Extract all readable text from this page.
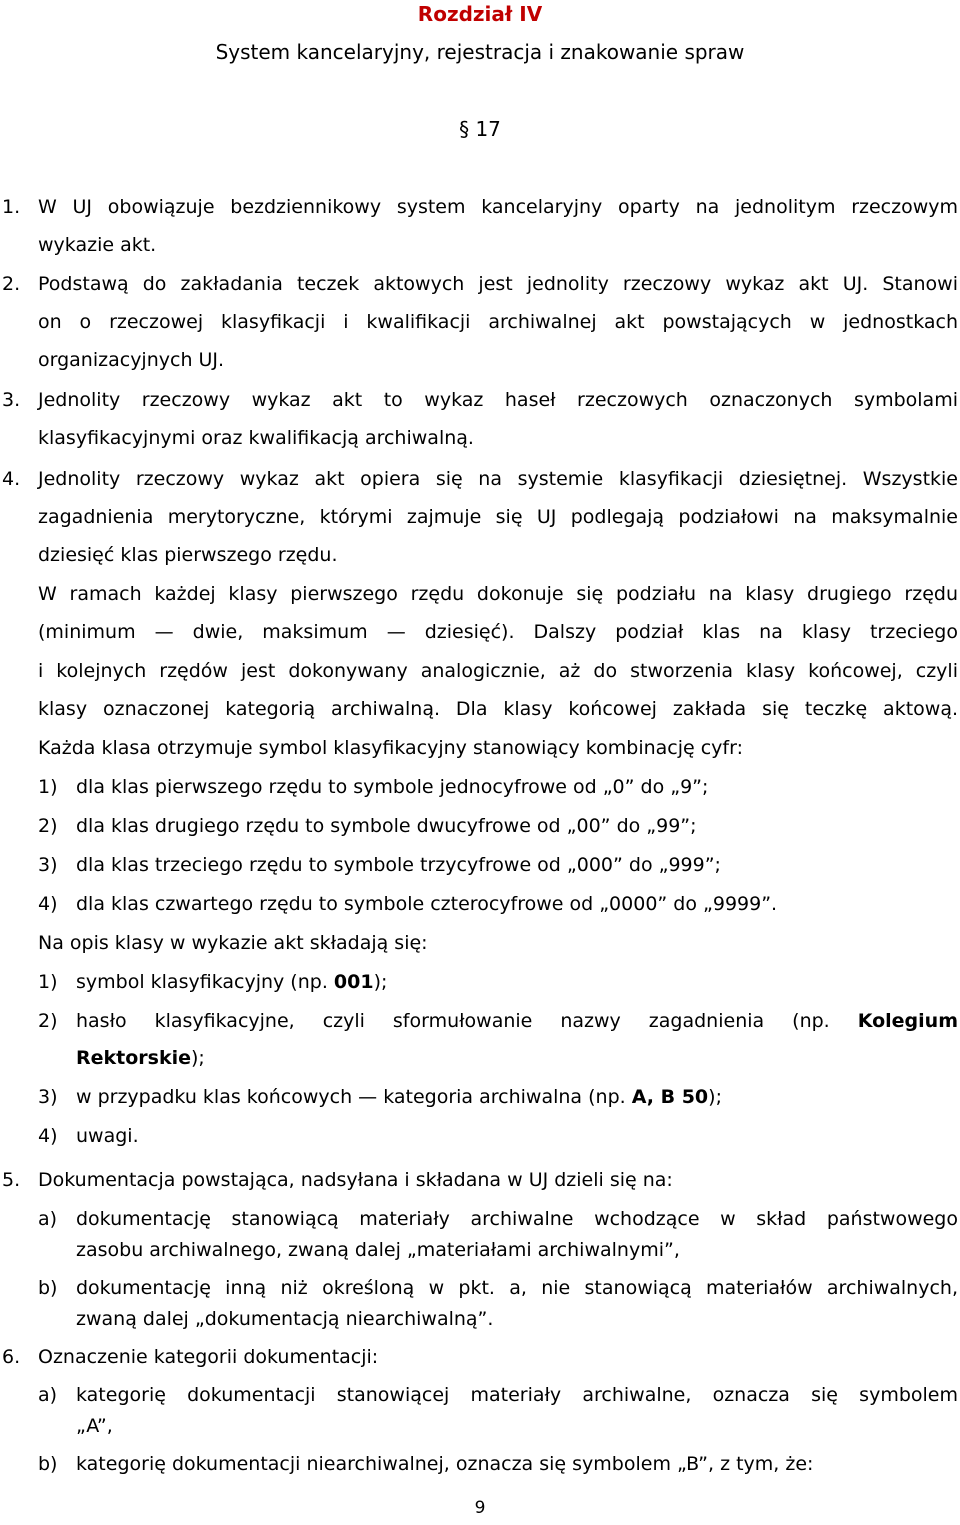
Rozdział IV
System kancelaryjny, rejestracja i znakowanie spraw
§ 17
1. W UJ obowiązuje bezdziennikowy system kancelaryjny oparty na jednolitym rzeczowym
wykazie akt.
2. Podstawą do zakładania teczek aktowych jest jednolity rzeczowy wykaz akt UJ. Stanowi
on o rzeczowej klasyfikacji i kwalifikacji archiwalnej akt powstających w jednostkach
organizacyjnych UJ.
3. Jednolity rzeczowy wykaz akt to wykaz haseł rzeczowych oznaczonych symbolami
klasyfikacyjnymi oraz kwalifikacją archiwalną.
4. Jednolity rzeczowy wykaz akt opiera się na systemie klasyfikacji dziesiętnej. Wszystkie
zagadnienia merytoryczne, którymi zajmuje się UJ podlegają podziałowi na maksymalnie
dziesięć klas pierwszego rzędu.
W ramach każdej klasy pierwszego rzędu dokonuje się podziału na klasy drugiego rzędu
(minimum — dwie, maksimum — dziesięć). Dalszy podział klas na klasy trzeciego
i kolejnych rzędów jest dokonywany analogicznie, aż do stworzenia klasy końcowej, czyli
klasy oznaczonej kategorią archiwalną. Dla klasy końcowej zakłada się teczkę aktową.
Każda klasa otrzymuje symbol klasyfikacyjny stanowiący kombinację cyfr:
1) dla klas pierwszego rzędu to symbole jednocyfrowe od „0” do „9”;
2) dla klas drugiego rzędu to symbole dwucyfrowe od „00” do „99”;
3) dla klas trzeciego rzędu to symbole trzycyfrowe od „000” do „999”;
4) dla klas czwartego rzędu to symbole czterocyfrowe od „0000” do „9999”.
Na opis klasy w wykazie akt składają się:
1) symbol klasyfikacyjny (np. 001);
2) hasło klasyfikacyjne, czyli sformułowanie nazwy zagadnienia (np. Kolegium
Rektorskie);
3) w przypadku klas końcowych — kategoria archiwalna (np. A, B 50);
4) uwagi.
5. Dokumentacja powstająca, nadsyłana i składana w UJ dzieli się na:
a) dokumentację stanowiącą materiały archiwalne wchodzące w skład państwowego
zasobu archiwalnego, zwaną dalej „materiałami archiwalnymi”,
b) dokumentację inną niż określoną w pkt. a, nie stanowiącą materiałów archiwalnych,
zwaną dalej „dokumentacją niearchiwalną”.
6. Oznaczenie kategorii dokumentacji:
a) kategorię dokumentacji stanowiącej materiały archiwalne, oznacza się symbolem
„A”,
b) kategorię dokumentacji niearchiwalnej, oznacza się symbolem „B”, z tym, że:
9
